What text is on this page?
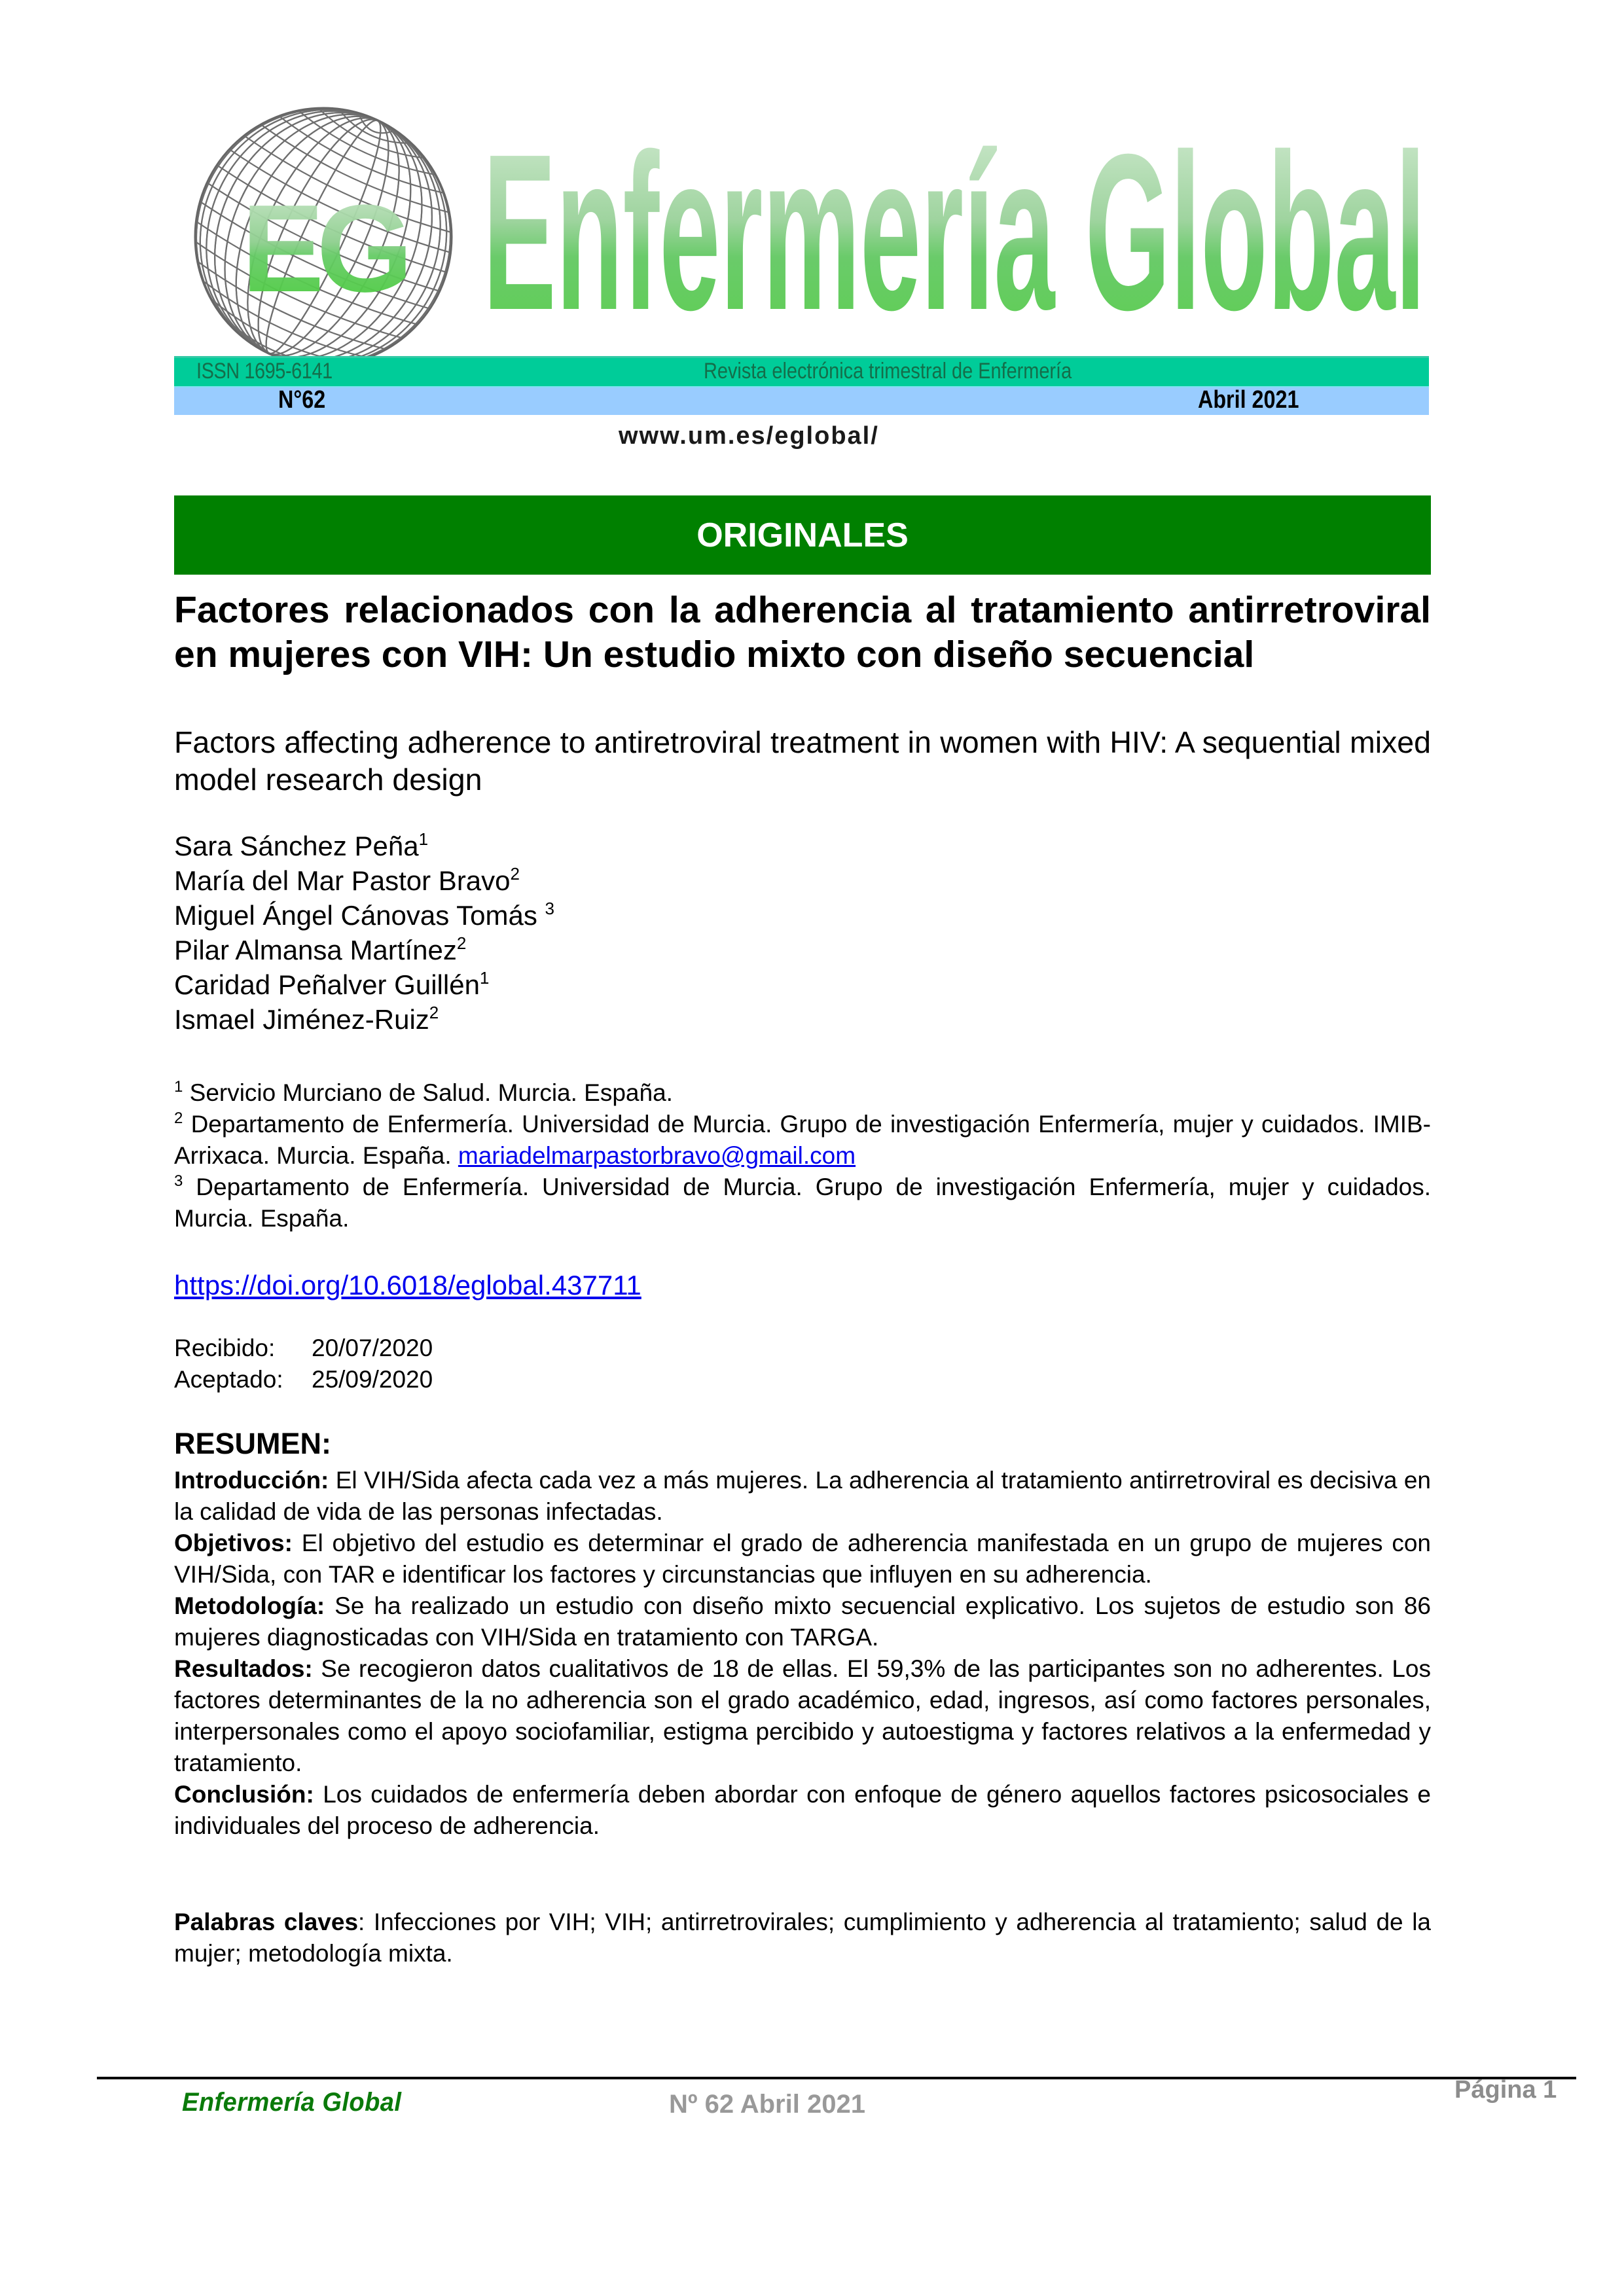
EG Enfermería Global
ISSN 1695-6141	Revista electrónica trimestral de Enfermería
N°62	Abril 2021
www.um.es/eglobal/
ORIGINALES
Factores relacionados con la adherencia al tratamiento antirretroviral en mujeres con VIH: Un estudio mixto con diseño secuencial
Factors affecting adherence to antiretroviral treatment in women with HIV: A sequential mixed model research design
Sara Sánchez Peña$^1$
María del Mar Pastor Bravo$^2$
Miguel Ángel Cánovas Tomás $^3$
Pilar Almansa Martínez$^2$
Caridad Peñalver Guillén$^1$
Ismael Jiménez-Ruiz$^2$

$^1$ Servicio Murciano de Salud. Murcia. España.

$^2$ Departamento de Enfermería. Universidad de Murcia. Grupo de investigación Enfermería, mujer y cuidados. IMIB-Arrixaca. Murcia. España. mariadelmarpastorbravo@gmail.com

$^3$ Departamento de Enfermería. Universidad de Murcia. Grupo de investigación Enfermería, mujer y cuidados. Murcia. España.

https://doi.org/10.6018/eglobal.437711
Recibido: 20/07/2020
Aceptado: 25/09/2020
RESUMEN:

Introducción: El VIH/Sida afecta cada vez a más mujeres. La adherencia al tratamiento antirretroviral es decisiva en la calidad de vida de las personas infectadas.

Objetivos: El objetivo del estudio es determinar el grado de adherencia manifestada en un grupo de mujeres con VIH/Sida, con TAR e identificar los factores y circunstancias que influyen en su adherencia.

Metodología: Se ha realizado un estudio con diseño mixto secuencial explicativo. Los sujetos de estudio son 86 mujeres diagnosticadas con VIH/Sida en tratamiento con TARGA.

Resultados: Se recogieron datos cualitativos de 18 de ellas. El 59,3% de las participantes son no adherentes. Los factores determinantes de la no adherencia son el grado académico, edad, ingresos, así como factores personales, interpersonales como el apoyo sociofamiliar, estigma percibido y autoestigma y factores relativos a la enfermedad y tratamiento.

Conclusión: Los cuidados de enfermería deben abordar con enfoque de género aquellos factores psicosociales e individuales del proceso de adherencia.

Palabras claves: Infecciones por VIH; VIH; antirretrovirales; cumplimiento y adherencia al tratamiento; salud de la mujer; metodología mixta.

Enfermería Global	Nº 62 Abril 2021	Página 1
